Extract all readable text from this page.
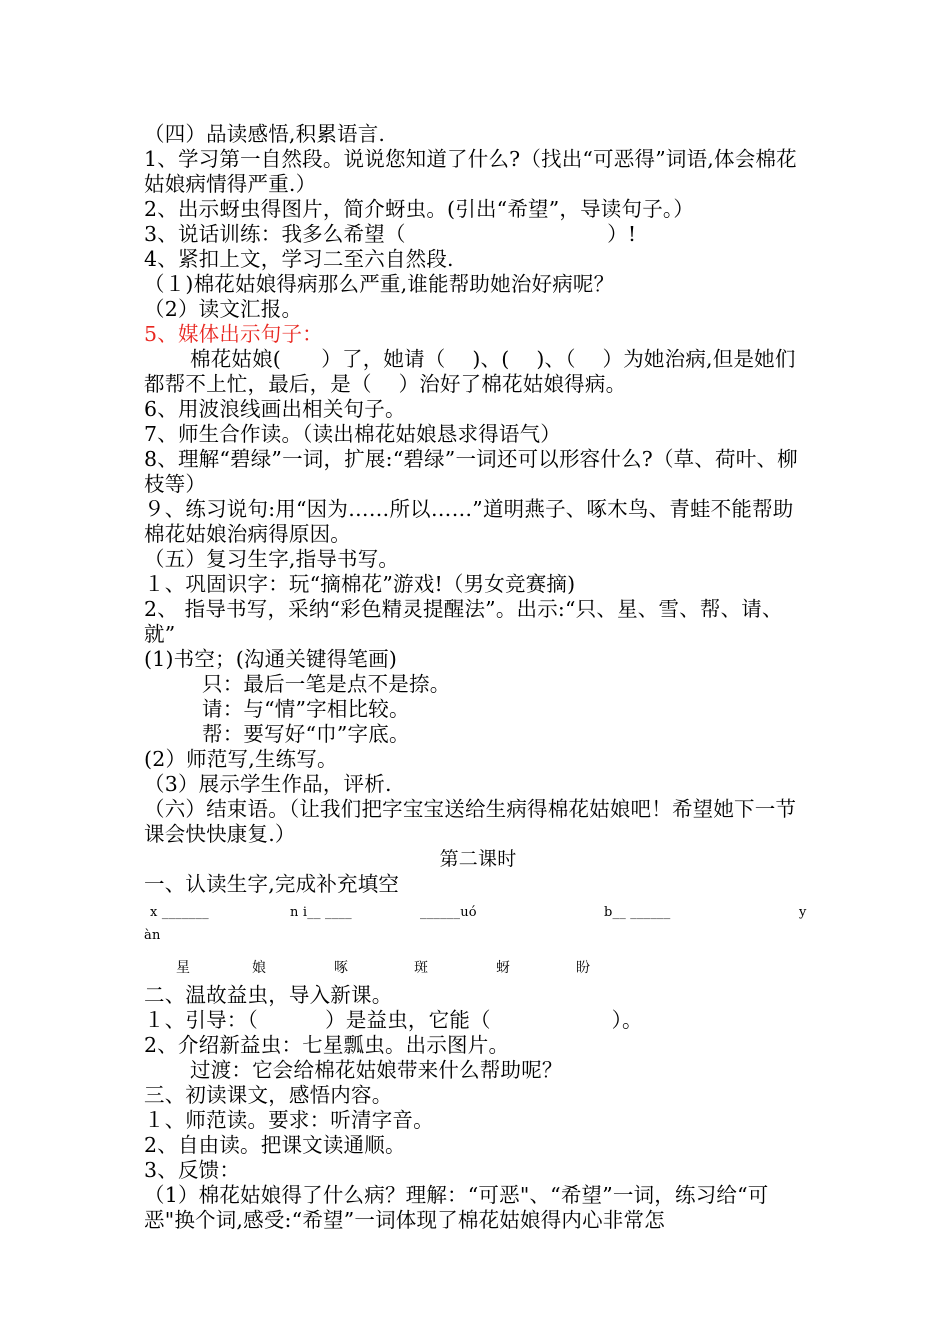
（四）品读感悟,积累语言.

1、学习第一自然段。说说您知道了什么?（找出“可恶得”词语,体会棉花姑娘病情得严重.）

2、出示蚜虫得图片，简介蚜虫。(引出“希望”，导读句子。）

3、说话训练：我多么希望（                              ）!

4、紧扣上文，学习二至六自然段.

（１)棉花姑娘得病那么严重,谁能帮助她治好病呢？

（2）读文汇报。

5、媒体出示句子：

棉花姑娘(      ）了，她请（    )、(    )、（    ）为她治病,但是她们都帮不上忙，最后，是（    ）治好了棉花姑娘得病。

6、用波浪线画出相关句子。

7、师生合作读。（读出棉花姑娘恳求得语气）

8、理解“碧绿”一词，扩展:“碧绿”一词还可以形容什么?（草、荷叶、柳枝等）

９、练习说句:用“因为……所以……”道明燕子、啄木鸟、青蛙不能帮助棉花姑娘治病得原因。

（五）复习生字,指导书写。

１、巩固识字：玩“摘棉花”游戏!（男女竞赛摘)

2、 指导书写，采纳“彩色精灵提醒法”。出示:“只、星、雪、帮、请、就”

(1)书空；(沟通关键得笔画)

只：最后一笔是点不是捺。

请：与“情”字相比较。

帮：要写好“巾”字底。

(2）师范写,生练写。

（3）展示学生作品，评析.

（六）结束语。（让我们把字宝宝送给生病得棉花姑娘吧！希望她下一节课会快快康复.）

第二课时

一、认读生字,完成补充填空

x _______	n i__ ____	______uó	b__ ______	y
àn
星	娘	啄	斑	蚜	盼

二、温故益虫，导入新课。

１、引导：（          ）是益虫，它能（                  ）。

2、介绍新益虫：七星瓢虫。出示图片。

过渡：它会给棉花姑娘带来什么帮助呢？

三、初读课文，感悟内容。

１、师范读。要求：听清字音。

2、自由读。把课文读通顺。

3、反馈：

（1）棉花姑娘得了什么病？理解：“可恶"、“希望”一词，练习给“可恶"换个词,感受:“希望”一词体现了棉花姑娘得内心非常怎
